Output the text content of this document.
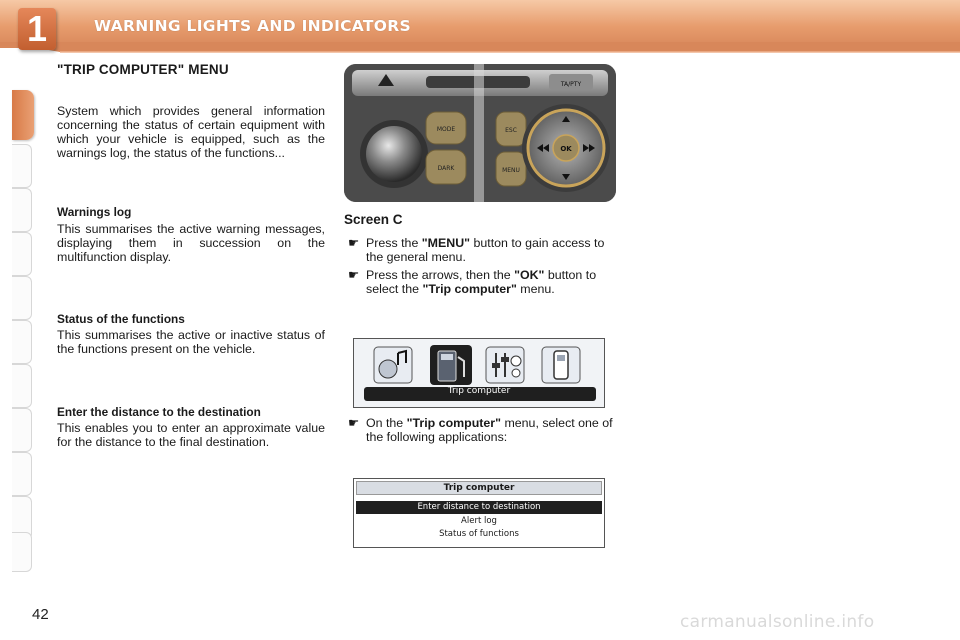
1	WARNING LIGHTS AND INDICATORS
"TRIP COMPUTER" MENU
System which provides general information concerning the status of certain equipment with which your vehicle is equipped, such as the warnings log, the status of the functions...
Warnings log
This summarises the active warning messages, displaying them in succession on the multifunction display.
Status of the functions
This summarises the active or inactive status of the functions present on the vehicle.
Enter the distance to the destination
This enables you to enter an approximate value for the distance to the final destination.
TA/PTY
MODE
DARK
ESC
MENU
OK
Screen C
☛ Press the "MENU" button to gain access to the general menu.
☛ Press the arrows, then the "OK" button to select the "Trip computer" menu.
Trip computer
☛ On the "Trip computer" menu, select one of the following applications:
Trip computer
Enter distance to destination
Alert log
Status of functions
42	carmanualsonline.info
